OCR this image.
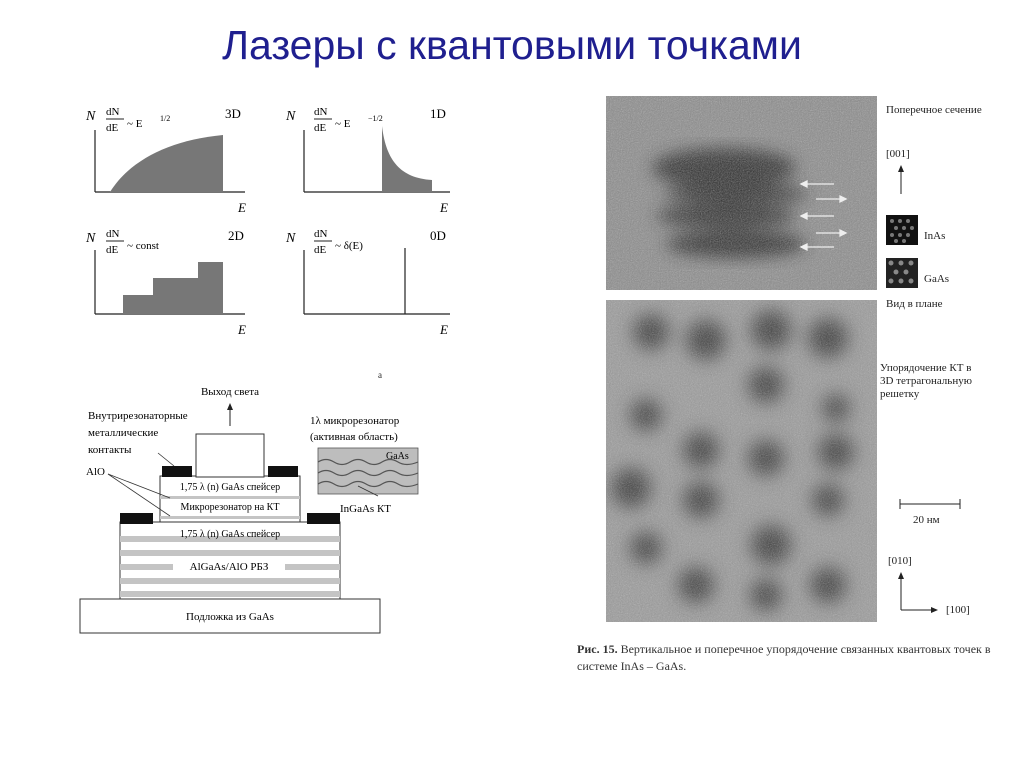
Лазеры с квантовыми точками
N dN
dE ~ E 1/2	3D
E
N dN
dE ~ E −1/2	1D
E
N dN
dE ~ const
2D
E
N dN
dE ~ δ(E)
0D
E
а
Подложка из GaAs
AlGaAs/AlO РБЗ
1,75 λ (n) GaAs спейсер
1,75 λ (n) GaAs спейсер
Микрорезонатор на КТ
Выход света
Внутрирезонаторные
металлические
контакты
AlO
1λ микрорезонатор
(активная область)
GaAs
InGaAs КТ
Поперечное сечение
[001]
InAs
GaAs
Вид в плане
Упорядочение КТ в
3D тетрагональную
решетку
20 нм
[010]
[100]
Рис. 15. Вертикальное и поперечное упорядочение связанных квантовых точек в системе InAs – GaAs.
